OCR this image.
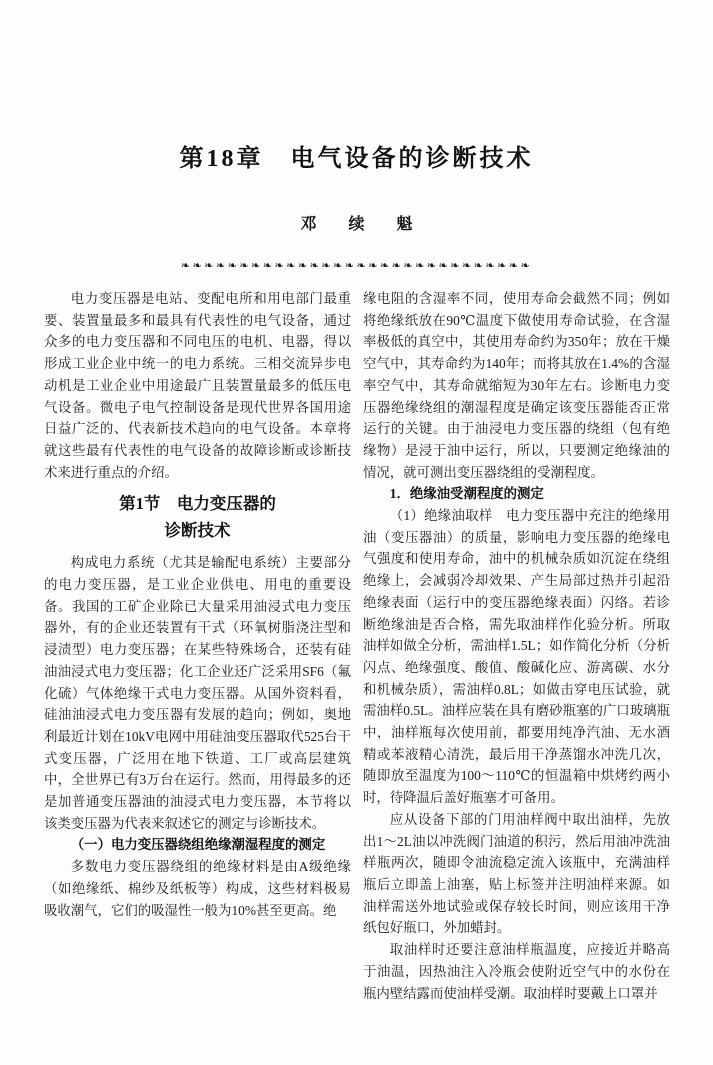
第18章　电气设备的诊断技术
邓 续 魁
❧❧❧❧❧❧❧❧❧❧❧❧❧❧❧❧❧❧❧❧❧❧❧❧❧❧❧❧❧❧

电力变压器是电站、变配电所和用电部门最重要、装置量最多和最具有代表性的电气设备，通过众多的电力变压器和不同电压的电机、电器，得以形成工业企业中统一的电力系统。三相交流异步电动机是工业企业中用途最广且装置量最多的低压电气设备。微电子电气控制设备是现代世界各国用途日益广泛的、代表新技术趋向的电气设备。本章将就这些最有代表性的电气设备的故障诊断或诊断技术来进行重点的介绍。

第1节　电力变压器的
诊断技术

构成电力系统（尤其是输配电系统）主要部分的电力变压器，是工业企业供电、用电的重要设备。我国的工矿企业除已大量采用油浸式电力变压器外，有的企业还装置有干式（环氧树脂浇注型和浸渍型）电力变压器；在某些特殊场合，还装有硅油油浸式电力变压器；化工企业还广泛采用SF6（氟化硫）气体绝缘干式电力变压器。从国外资料看，硅油油浸式电力变压器有发展的趋向；例如，奥地利最近计划在10kV电网中用硅油变压器取代525台干式变压器，广泛用在地下铁道、工厂或高层建筑中，全世界已有3万台在运行。然而，用得最多的还是加普通变压器油的油浸式电力变压器，本节将以该类变压器为代表来叙述它的测定与诊断技术。

（一）电力变压器绕组绝缘潮湿程度的测定

多数电力变压器绕组的绝缘材料是由A级绝缘（如绝缘纸、棉纱及纸板等）构成，这些材料极易吸收潮气，它们的吸湿性一般为10%甚至更高。绝

缘电阻的含湿率不同，使用寿命会截然不同；例如将绝缘纸放在90℃温度下做使用寿命试验，在含湿率极低的真空中，其使用寿命约为350年；放在干燥空气中，其寿命约为140年；而将其放在1.4%的含湿率空气中，其寿命就缩短为30年左右。诊断电力变压器绝缘绕组的潮湿程度是确定该变压器能否正常运行的关键。由于油浸电力变压器的绕组（包有绝缘物）是浸于油中运行，所以，只要测定绝缘油的情况，就可测出变压器绕组的受潮程度。

1．绝缘油受潮程度的测定

（1）绝缘油取样　电力变压器中充注的绝缘用油（变压器油）的质量，影响电力变压器的绝缘电气强度和使用寿命，油中的机械杂质如沉淀在绕组绝缘上，会减弱冷却效果、产生局部过热并引起沿绝缘表面（运行中的变压器绝缘表面）闪络。若诊断绝缘油是否合格，需先取油样作化验分析。所取油样如做全分析，需油样1.5L；如作简化分析（分析闪点、绝缘强度、酸值、酸碱化应、游离碳、水分和机械杂质），需油样0.8L；如做击穿电压试验，就需油样0.5L。油样应装在具有磨砂瓶塞的广口玻璃瓶中，油样瓶每次使用前，都要用纯净汽油、无水酒精或苯液精心清洗，最后用干净蒸馏水冲洗几次，随即放至温度为100～110℃的恒温箱中烘烤约两小时，待降温后盖好瓶塞才可备用。

应从设备下部的门用油样阀中取出油样，先放出1～2L油以冲洗阀门油道的积污，然后用油冲洗油样瓶两次，随即令油流稳定流入该瓶中，充满油样瓶后立即盖上油塞，贴上标签并注明油样来源。如油样需送外地试验或保存较长时间，则应该用干净纸包好瓶口，外加蜡封。

取油样时还要注意油样瓶温度，应接近并略高于油温，因热油注入冷瓶会使附近空气中的水份在瓶内壁结露而使油样受潮。取油样时要戴上口罩并
